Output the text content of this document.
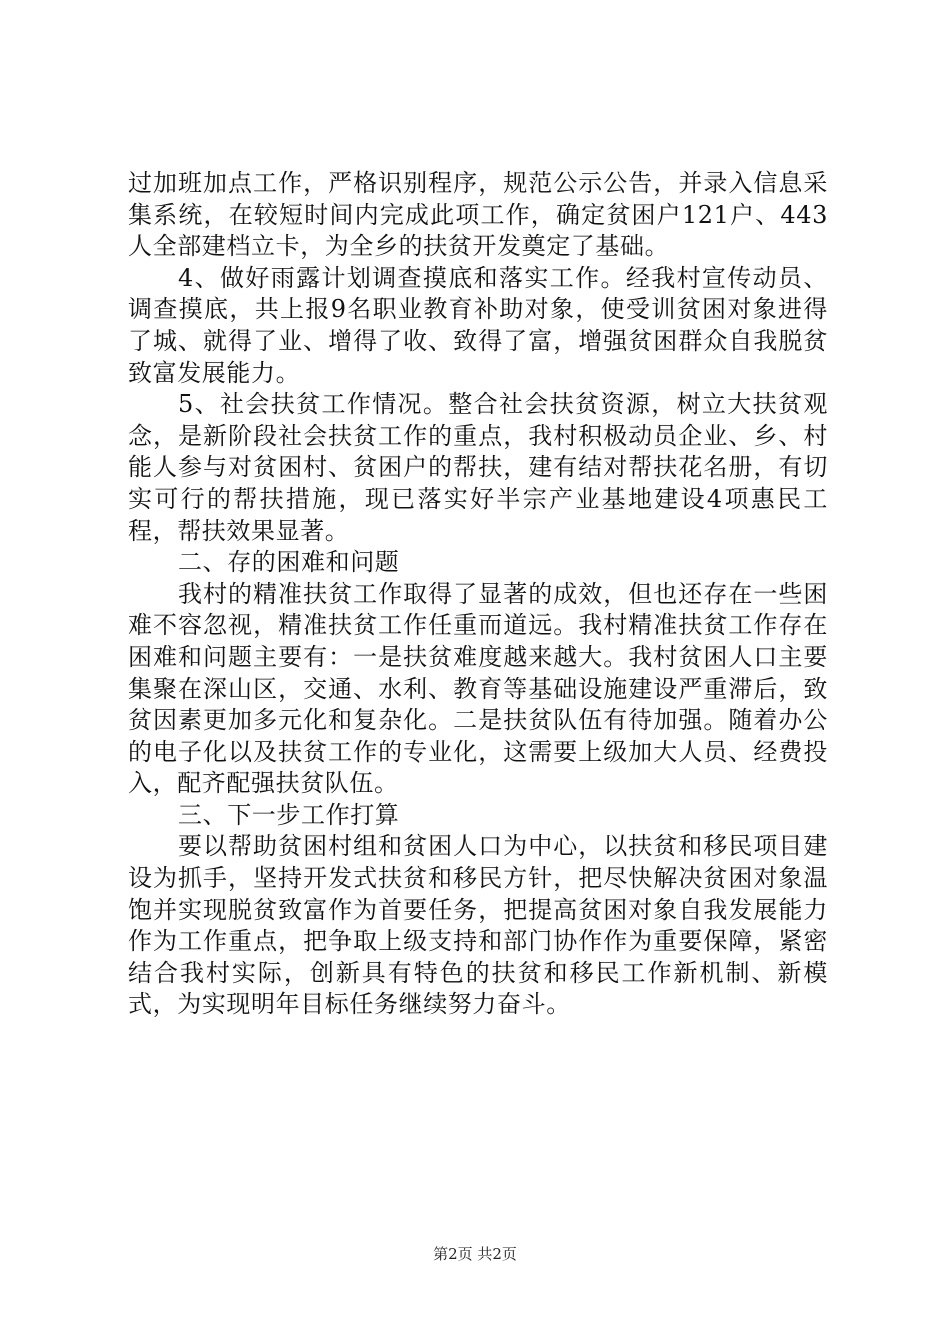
过加班加点工作，严格识别程序，规范公示公告，并录入信息采集系统，在较短时间内完成此项工作，确定贫困户121户、443人全部建档立卡，为全乡的扶贫开发奠定了基础。

4、做好雨露计划调查摸底和落实工作。经我村宣传动员、调查摸底，共上报9名职业教育补助对象，使受训贫困对象进得了城、就得了业、增得了收、致得了富，增强贫困群众自我脱贫致富发展能力。

5、社会扶贫工作情况。整合社会扶贫资源，树立大扶贫观念，是新阶段社会扶贫工作的重点，我村积极动员企业、乡、村能人参与对贫困村、贫困户的帮扶，建有结对帮扶花名册，有切实可行的帮扶措施，现已落实好半宗产业基地建设4项惠民工程，帮扶效果显著。

二、存的困难和问题

我村的精准扶贫工作取得了显著的成效，但也还存在一些困难不容忽视，精准扶贫工作任重而道远。我村精准扶贫工作存在困难和问题主要有：一是扶贫难度越来越大。我村贫困人口主要集聚在深山区，交通、水利、教育等基础设施建设严重滞后，致贫因素更加多元化和复杂化。二是扶贫队伍有待加强。随着办公的电子化以及扶贫工作的专业化，这需要上级加大人员、经费投入，配齐配强扶贫队伍。

三、下一步工作打算

要以帮助贫困村组和贫困人口为中心，以扶贫和移民项目建设为抓手，坚持开发式扶贫和移民方针，把尽快解决贫困对象温饱并实现脱贫致富作为首要任务，把提高贫困对象自我发展能力作为工作重点，把争取上级支持和部门协作作为重要保障，紧密结合我村实际，创新具有特色的扶贫和移民工作新机制、新模式，为实现明年目标任务继续努力奋斗。

第2页 共2页
